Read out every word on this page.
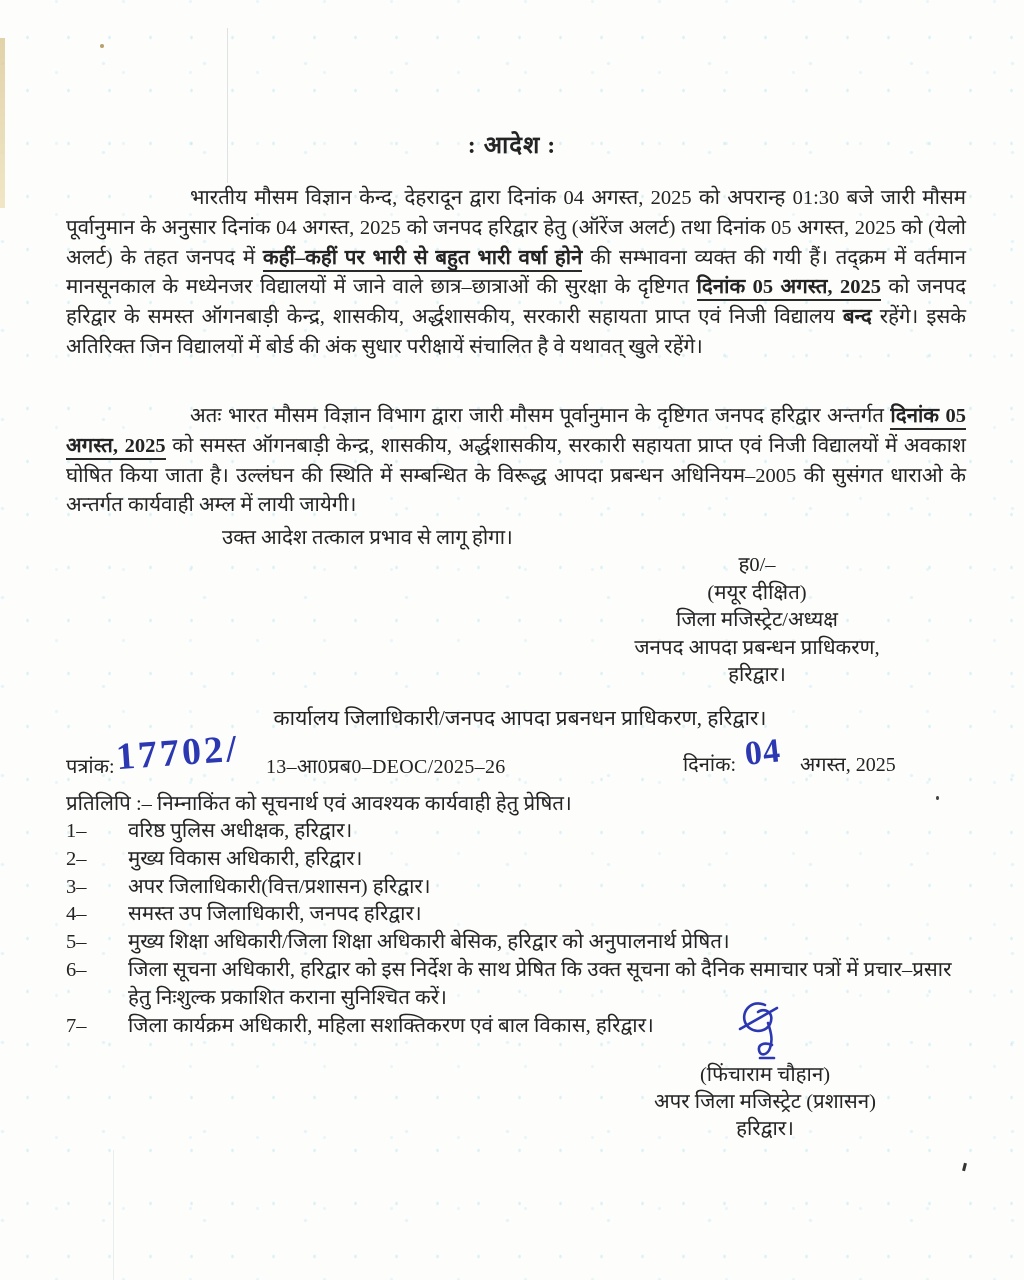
: आदेश :
भारतीय मौसम विज्ञान केन्द, देहरादून द्वारा दिनांक 04 अगस्त, 2025 को अपरान्ह 01:30 बजे जारी मौसम पूर्वानुमान के अनुसार दिनांक 04 अगस्त, 2025 को जनपद हरिद्वार हेतु (ऑरेंज अलर्ट) तथा दिनांक 05 अगस्त, 2025 को (येलो अलर्ट) के तहत जनपद में कहीं–कहीं पर भारी से बहुत भारी वर्षा होने की सम्भावना व्यक्त की गयी हैं। तद्क्रम में वर्तमान मानसूनकाल के मध्येनजर विद्यालयों में जाने वाले छात्र–छात्राओं की सुरक्षा के दृष्टिगत दिनांक 05 अगस्त, 2025 को जनपद हरिद्वार के समस्त ऑगनबाड़ी केन्द्र, शासकीय, अर्द्धशासकीय, सरकारी सहायता प्राप्त एवं निजी विद्यालय बन्द रहेंगे। इसके अतिरिक्त जिन विद्यालयों में बोर्ड की अंक सुधार परीक्षायें संचालित है वे यथावत् खुले रहेंगे।
अतः भारत मौसम विज्ञान विभाग द्वारा जारी मौसम पूर्वानुमान के दृष्टिगत जनपद हरिद्वार अन्तर्गत दिनांक 05 अगस्त, 2025 को समस्त ऑगनबाड़ी केन्द्र, शासकीय, अर्द्धशासकीय, सरकारी सहायता प्राप्त एवं निजी विद्यालयों में अवकाश घोषित किया जाता है। उल्लंघन की स्थिति में सम्बन्धित के विरूद्ध आपदा प्रबन्धन अधिनियम–2005 की सुसंगत धाराओ के अन्तर्गत कार्यवाही अम्ल में लायी जायेगी।
उक्त आदेश तत्काल प्रभाव से लागू होगा।
ह0/–
(मयूर दीक्षित)
जिला मजिस्ट्रेट/अध्यक्ष
जनपद आपदा प्रबन्धन प्राधिकरण,
हरिद्वार।
कार्यालय जिलाधिकारी/जनपद आपदा प्रबनधन प्राधिकरण, हरिद्वार।
पत्रांक: 17702/ 13–आ0प्रब0–DEOC/2025–26	दिनांक: 04 अगस्त, 2025
प्रतिलिपि :– निम्नाकिंत को सूचनार्थ एवं आवश्यक कार्यवाही हेतु प्रेषित।
1–	वरिष्ठ पुलिस अधीक्षक, हरिद्वार।
2–	मुख्य विकास अधिकारी, हरिद्वार।
3–	अपर जिलाधिकारी(वित्त/प्रशासन) हरिद्वार।
4–	समस्त उप जिलाधिकारी, जनपद हरिद्वार।
5–	मुख्य शिक्षा अधिकारी/जिला शिक्षा अधिकारी बेसिक, हरिद्वार को अनुपालनार्थ प्रेषित।
6–	जिला सूचना अधिकारी, हरिद्वार को इस निर्देश के साथ प्रेषित कि उक्त सूचना को दैनिक समाचार पत्रों में प्रचार–प्रसार हेतु निःशुल्क प्रकाशित कराना सुनिश्चित करें।
7–	जिला कार्यक्रम अधिकारी, महिला सशक्तिकरण एवं बाल विकास, हरिद्वार।
(फिंचाराम चौहान)
अपर जिला मजिस्ट्रेट (प्रशासन)
हरिद्वार।
